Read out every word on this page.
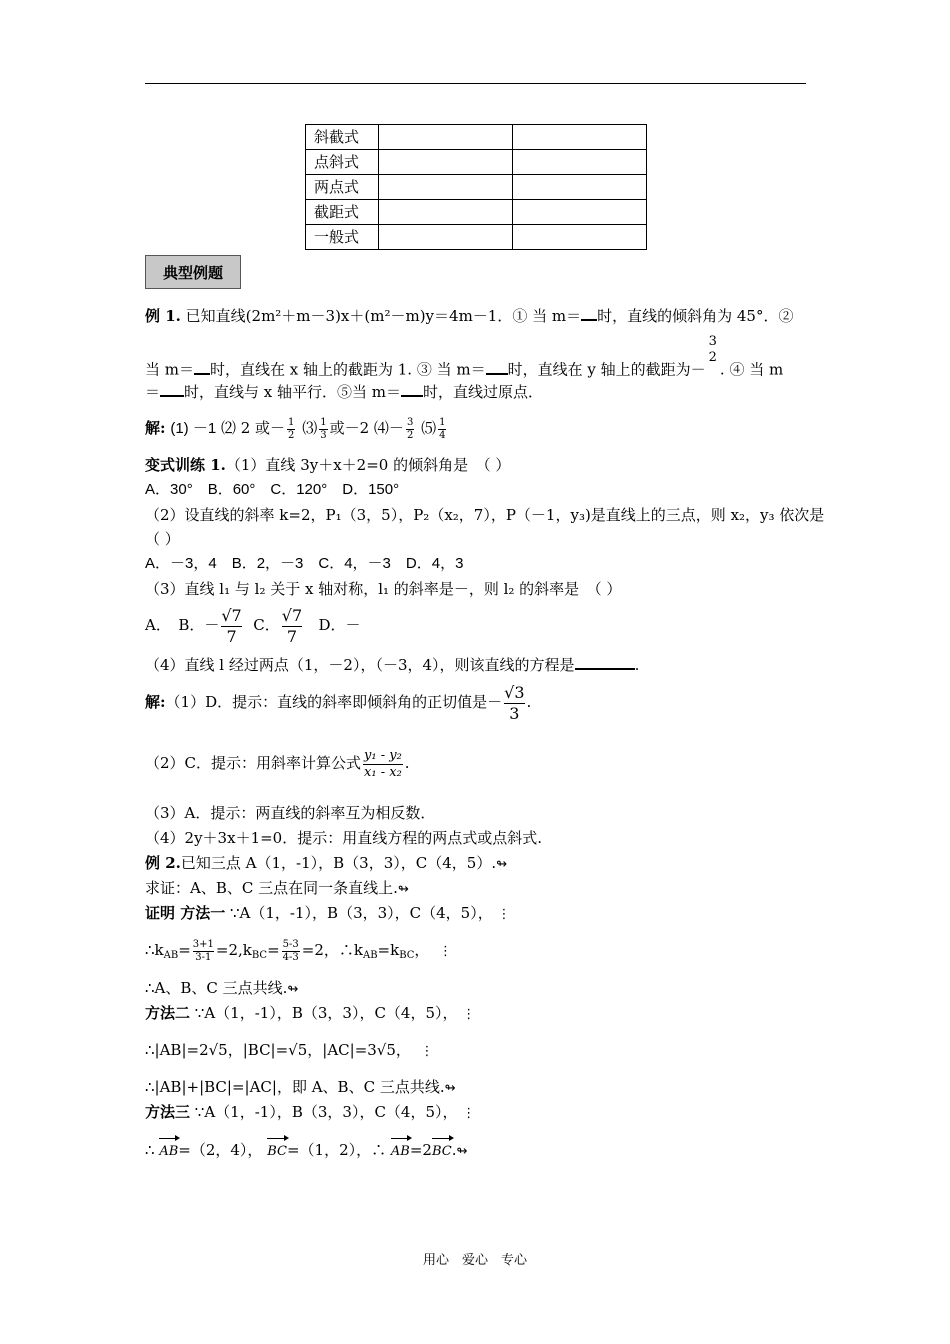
斜截式		
点斜式		
两点式		
截距式		
一般式		
典型例题
例 1. 已知直线(2m²＋m－3)x＋(m²－m)y＝4m－1．① 当 m＝ 时，直线的倾斜角为 45°．②
当 m＝ 时，直线在 x 轴上的截距为 1. ③ 当 m＝ 时，直线在 y 轴上的截距为－
3
2
. ④ 当 m
＝ 时，直线与 x 轴平行．⑤当 m＝ 时，直线过原点．
解: (1) －1 ⑵ 2 或－ $\frac{1}{2}$ ⑶ $\frac{1}{3}$ 或－2 ⑷－ $\frac{3}{2}$ ⑸ $\frac{1}{4}$
变式训练 1.（1）直线 3y＋x＋2=0 的倾斜角是　（ ）
A．30°　B．60°　C．120°　D．150°
（2）设直线的斜率 k=2，P₁（3，5），P₂（x₂，7），P（－1，y₃)是直线上的三点，则 x₂，y₃ 依次是
（ ）
A．－3，4　B．2，－3　C．4，－3　D．4，3
（3）直线 l₁ 与 l₂ 关于 x 轴对称，l₁ 的斜率是－，则 l₂ 的斜率是　（ ）
A．　B．－ $\frac{√7}{7}$ C． $\frac{√7}{7}$ D．－
（4）直线 l 经过两点（1，－2），（－3，4），则该直线的方程是	.
解:（1）D．提示：直线的斜率即倾斜角的正切值是－ $\frac{√3}{3}$ .
（2）C．提示：用斜率计算公式 $\frac{\text{y₁ - y₂}}{\text{x₁ - x₂}}$ .
（3）A．提示：两直线的斜率互为相反数．
（4）2y＋3x＋1=0．提示：用直线方程的两点式或点斜式.
例 2.已知三点 A（1，-1），B（3，3），C（4，5）.↬
求证：A、B、C 三点在同一条直线上.↬
证明 方法一 ∵A（1，-1），B（3，3），C（4，5）， ⋮
$\therefore k_{AB}= \frac{3+1}{3-1} =2,k_{BC}= \frac{5-3}{4-3} =2$，$\therefore k_{AB}=k_{BC}$， ⋮
∴A、B、C 三点共线.↬
方法二 ∵A（1，-1），B（3，3），C（4，5）， ⋮
∴|AB|=2√5，|BC|=√5，|AC|=3√5， ⋮
∴|AB|+|BC|=|AC|，即 A、B、C 三点共线.↬
方法三 ∵A（1，-1），B（3，3），C（4，5）， ⋮
∴ AB=（2，4）， BC=（1，2），∴ AB=2BC.↬
用心　爱心　专心
